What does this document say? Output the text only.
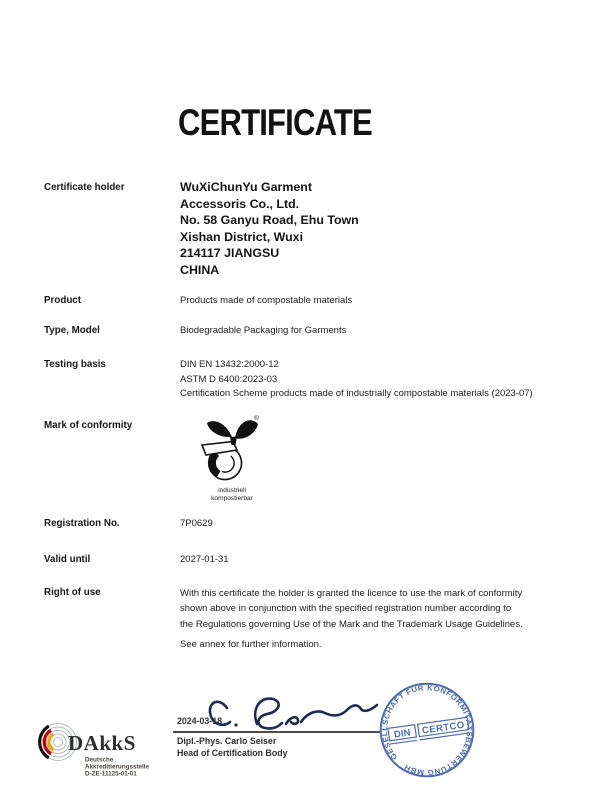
CERTIFICATE
Certificate holder	WuXiChunYu Garment
Accessoris Co., Ltd.
No. 58 Ganyu Road, Ehu Town
Xishan District, Wuxi
214117 JIANGSU
CHINA
Product	Products made of compostable materials
Type, Model	Biodegradable Packaging for Garments
Testing basis	DIN EN 13432:2000-12
ASTM D 6400:2023-03
Certification Scheme products made of industrially compostable materials (2023-07)
Mark of conformity
®
industriell
kompostierbar
Registration No.	7P0629
Valid until	2027-01-31
Right of use	With this certificate the holder is granted the licence to use the mark of conformity
shown above in conjunction with the specified registration number according to
the Regulations governing Use of the Mark and the Trademark Usage Guidelines.
See annex for further information.
2024-03-18
Dipl.-Phys. Carlo Seiser
Head of Certification Body	GESELLSCHAFT FÜR KONFORMITÄTSBEWERTUNG MBH
DIN CERTCO
DAkkS
Deutsche
Akkreditierungsstelle
D-ZE-11125-01-01
